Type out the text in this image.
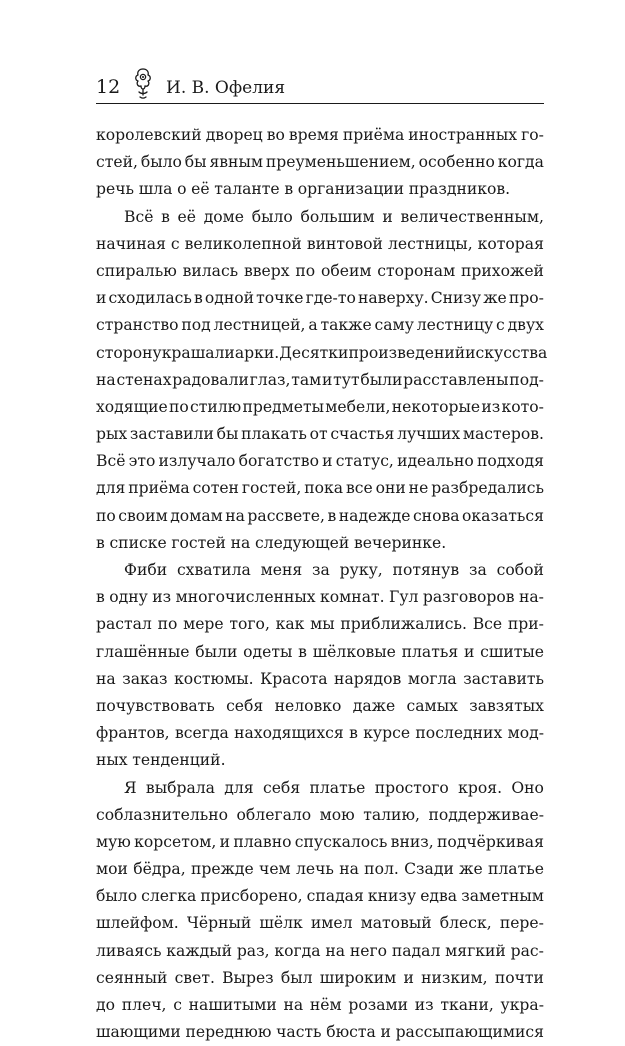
12	И. В. Офелия
королевский дворец во время приёма иностранных го-
стей, было бы явным преуменьшением, особенно когда
речь шла о её таланте в организации праздников.
Всё в её доме было большим и величественным,
начиная с великолепной винтовой лестницы, которая
спиралью вилась вверх по обеим сторонам прихожей
и сходилась в одной точке где-то наверху. Снизу же про-
странство под лестницей, а также саму лестницу с двух
сторон украшали арки. Десятки произведений искусства
на стенах радовали глаз, там и тут были расставлены под-
ходящие по стилю предметы мебели, некоторые из кото-
рых заставили бы плакать от счастья лучших мастеров.
Всё это излучало богатство и статус, идеально подходя
для приёма сотен гостей, пока все они не разбредались
по своим домам на рассвете, в надежде снова оказаться
в списке гостей на следующей вечеринке.
Фиби схватила меня за руку, потянув за собой
в одну из многочисленных комнат. Гул разговоров на-
растал по мере того, как мы приближались. Все при-
глашённые были одеты в шёлковые платья и сшитые
на заказ костюмы. Красота нарядов могла заставить
почувствовать себя неловко даже самых завзятых
франтов, всегда находящихся в курсе последних мод-
ных тенденций.
Я выбрала для себя платье простого кроя. Оно
соблазнительно облегало мою талию, поддерживае-
мую корсетом, и плавно спускалось вниз, подчёркивая
мои бёдра, прежде чем лечь на пол. Сзади же платье
было слегка присборено, спадая книзу едва заметным
шлейфом. Чёрный шёлк имел матовый блеск, пере-
ливаясь каждый раз, когда на него падал мягкий рас-
сеянный свет. Вырез был широким и низким, почти
до плеч, с нашитыми на нём розами из ткани, укра-
шающими переднюю часть бюста и рассыпающимися
